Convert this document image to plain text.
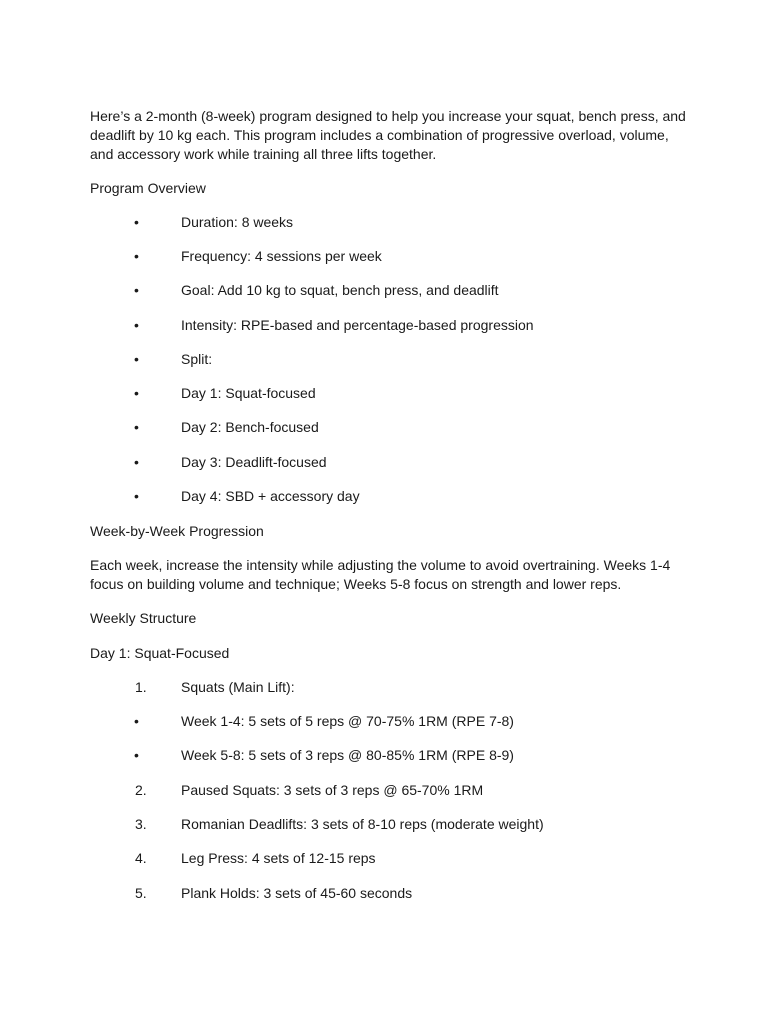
Here’s a 2-month (8-week) program designed to help you increase your squat, bench press, and deadlift by 10 kg each. This program includes a combination of progressive overload, volume, and accessory work while training all three lifts together.

Program Overview

•	Duration: 8 weeks
•	Frequency: 4 sessions per week
•	Goal: Add 10 kg to squat, bench press, and deadlift
•	Intensity: RPE-based and percentage-based progression
•	Split:
•	Day 1: Squat-focused
•	Day 2: Bench-focused
•	Day 3: Deadlift-focused
•	Day 4: SBD + accessory day

Week-by-Week Progression

Each week, increase the intensity while adjusting the volume to avoid overtraining. Weeks 1-4 focus on building volume and technique; Weeks 5-8 focus on strength and lower reps.

Weekly Structure

Day 1: Squat-Focused

1. Squats (Main Lift):
•	Week 1-4: 5 sets of 5 reps @ 70-75% 1RM (RPE 7-8)
•	Week 5-8: 5 sets of 3 reps @ 80-85% 1RM (RPE 8-9)
2. Paused Squats: 3 sets of 3 reps @ 65-70% 1RM
3. Romanian Deadlifts: 3 sets of 8-10 reps (moderate weight)
4. Leg Press: 4 sets of 12-15 reps
5. Plank Holds: 3 sets of 45-60 seconds
